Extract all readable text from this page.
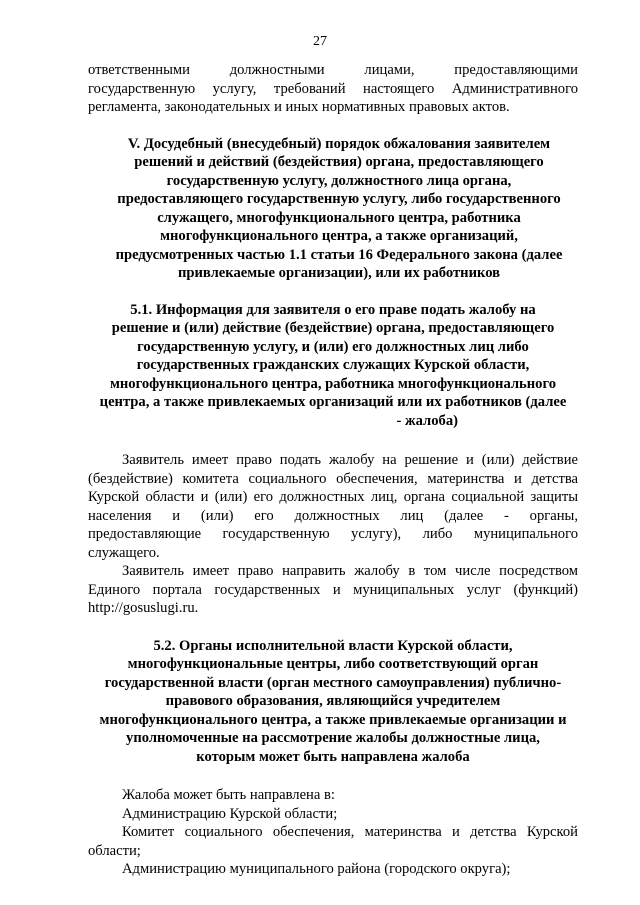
27
ответственными должностными лицами, предоставляющими
государственную услугу, требований настоящего Административного
регламента, законодательных и иных нормативных правовых актов.
V. Досудебный (внесудебный) порядок обжалования заявителем
решений и действий (бездействия) органа, предоставляющего
государственную услугу, должностного лица органа,
предоставляющего государственную услугу, либо государственного
служащего, многофункционального центра, работника
многофункционального центра, а также организаций,
предусмотренных частью 1.1 статьи 16 Федерального закона (далее
привлекаемые организации), или их работников
5.1. Информация для заявителя о его праве подать жалобу на
решение и (или) действие (бездействие) органа, предоставляющего
государственную услугу, и (или) его должностных лиц либо
государственных гражданских служащих Курской области,
многофункционального центра, работника многофункционального
центра, а также привлекаемых организаций или их работников (далее
- жалоба)
Заявитель имеет право подать жалобу на решение и (или) действие
(бездействие) комитета социального обеспечения, материнства и детства
Курской области и (или) его должностных лиц, органа социальной защиты
населения и (или) его должностных лиц (далее - органы,
предоставляющие государственную услугу), либо муниципального
служащего.
Заявитель имеет право направить жалобу в том числе посредством
Единого портала государственных и муниципальных услуг (функций)
http://gosuslugi.ru.
5.2. Органы исполнительной власти Курской области,
многофункциональные центры, либо соответствующий орган
государственной власти (орган местного самоуправления) публично-
правового образования, являющийся учредителем
многофункционального центра, а также привлекаемые организации и
уполномоченные на рассмотрение жалобы должностные лица,
которым может быть направлена жалоба
Жалоба может быть направлена в:
Администрацию Курской области;
Комитет социального обеспечения, материнства и детства Курской
области;
Администрацию муниципального района (городского округа);
